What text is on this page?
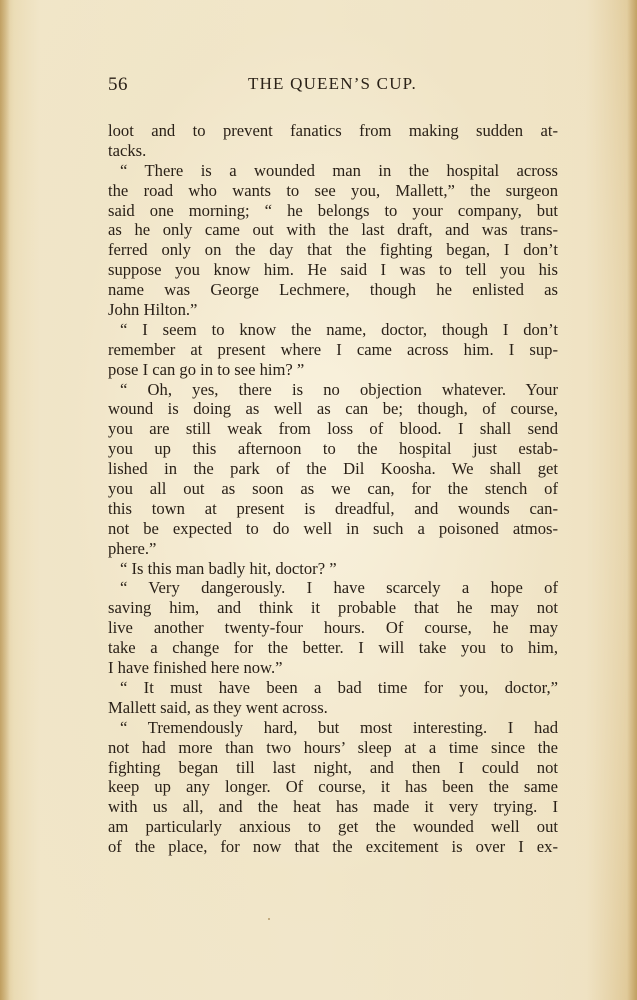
56	THE QUEEN’S CUP.
loot and to prevent fanatics from making sudden at-
tacks.
“ There is a wounded man in the hospital across
the road who wants to see you, Mallett,” the surgeon
said one morning; “ he belongs to your company, but
as he only came out with the last draft, and was trans-
ferred only on the day that the fighting began, I don’t
suppose you know him. He said I was to tell you his
name was George Lechmere, though he enlisted as
John Hilton.”
“ I seem to know the name, doctor, though I don’t
remember at present where I came across him. I sup-
pose I can go in to see him? ”
“ Oh, yes, there is no objection whatever. Your
wound is doing as well as can be; though, of course,
you are still weak from loss of blood. I shall send
you up this afternoon to the hospital just estab-
lished in the park of the Dil Koosha. We shall get
you all out as soon as we can, for the stench of
this town at present is dreadful, and wounds can-
not be expected to do well in such a poisoned atmos-
phere.”
“ Is this man badly hit, doctor? ”
“ Very dangerously. I have scarcely a hope of
saving him, and think it probable that he may not
live another twenty-four hours. Of course, he may
take a change for the better. I will take you to him,
I have finished here now.”
“ It must have been a bad time for you, doctor,”
Mallett said, as they went across.
“ Tremendously hard, but most interesting. I had
not had more than two hours’ sleep at a time since the
fighting began till last night, and then I could not
keep up any longer. Of course, it has been the same
with us all, and the heat has made it very trying. I
am particularly anxious to get the wounded well out
of the place, for now that the excitement is over I ex-
